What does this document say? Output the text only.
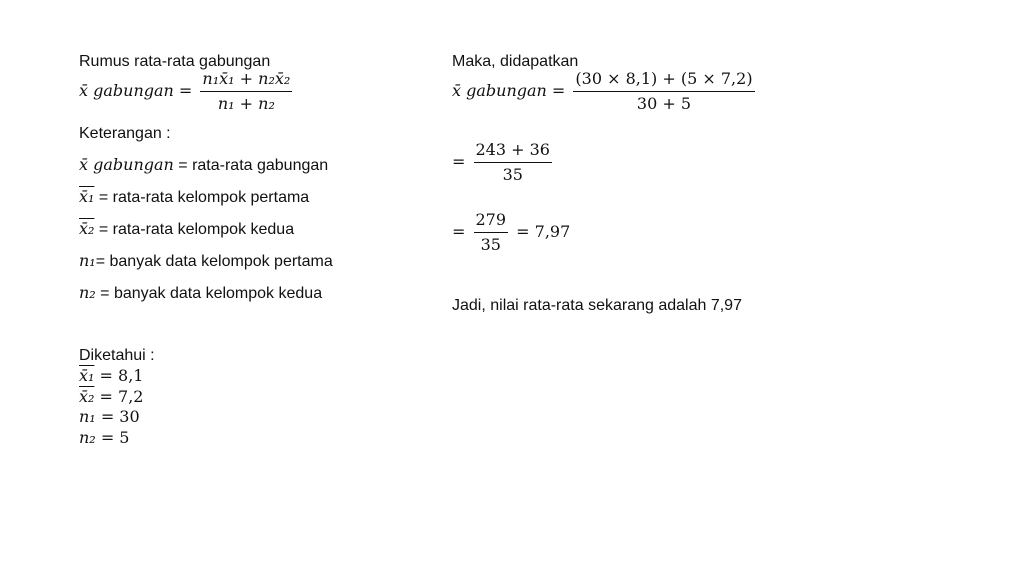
Rumus rata-rata gabungan
x̄ gabungan = $\frac{\text{n₁x̄₁ + n₂x̄₂}}{\text{n₁ + n₂}}$
Keterangan :
x̄ gabungan = rata-rata gabungan
x̄₁ = rata-rata kelompok pertama
x̄₂ = rata-rata kelompok kedua
n₁= banyak data kelompok pertama
n₂ = banyak data kelompok kedua
Diketahui :
x̄₁ = 8,1
x̄₂ = 7,2
n₁ = 30
n₂ = 5
Maka, didapatkan
x̄ gabungan = $\frac{(30 \times 8,1) + (5 \times 7,2)}{30 + 5}$
= $\frac{243 + 36}{35}$
= $\frac{279}{35} = 7,97$
Jadi, nilai rata-rata sekarang adalah 7,97
